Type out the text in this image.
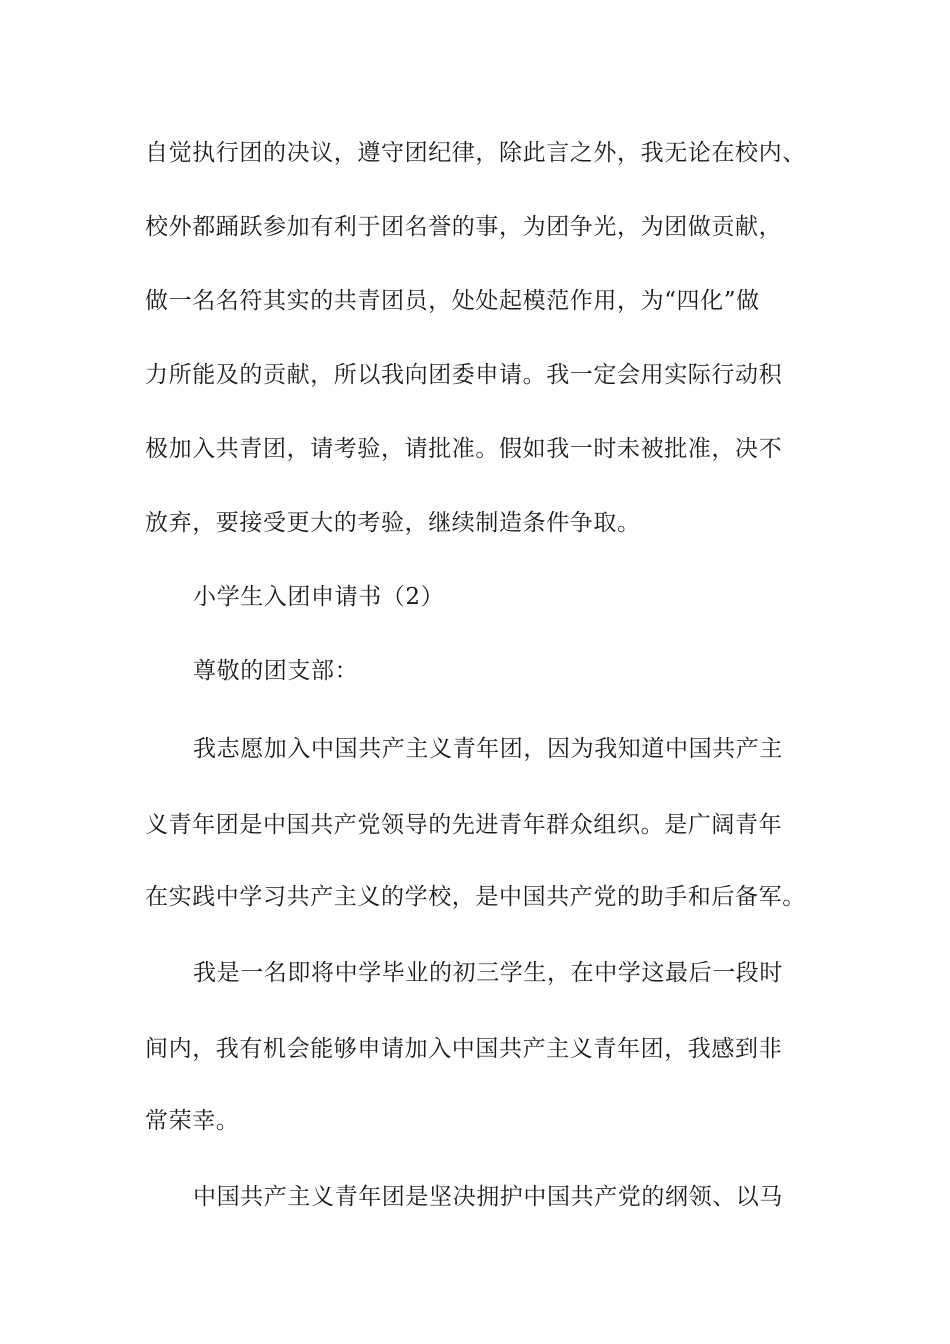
自觉执行团的决议，遵守团纪律，除此言之外，我无论在校内、
校外都踊跃参加有利于团名誉的事，为团争光，为团做贡献，
做一名名符其实的共青团员，处处起模范作用，为“四化”做
力所能及的贡献，所以我向团委申请。我一定会用实际行动积
极加入共青团，请考验，请批准。假如我一时未被批准，决不
放弃，要接受更大的考验，继续制造条件争取。
小学生入团申请书（2）
尊敬的团支部：
我志愿加入中国共产主义青年团，因为我知道中国共产主
义青年团是中国共产党领导的先进青年群众组织。是广阔青年
在实践中学习共产主义的学校，是中国共产党的助手和后备军。
我是一名即将中学毕业的初三学生，在中学这最后一段时
间内，我有机会能够申请加入中国共产主义青年团，我感到非
常荣幸。
中国共产主义青年团是坚决拥护中国共产党的纲领、以马
